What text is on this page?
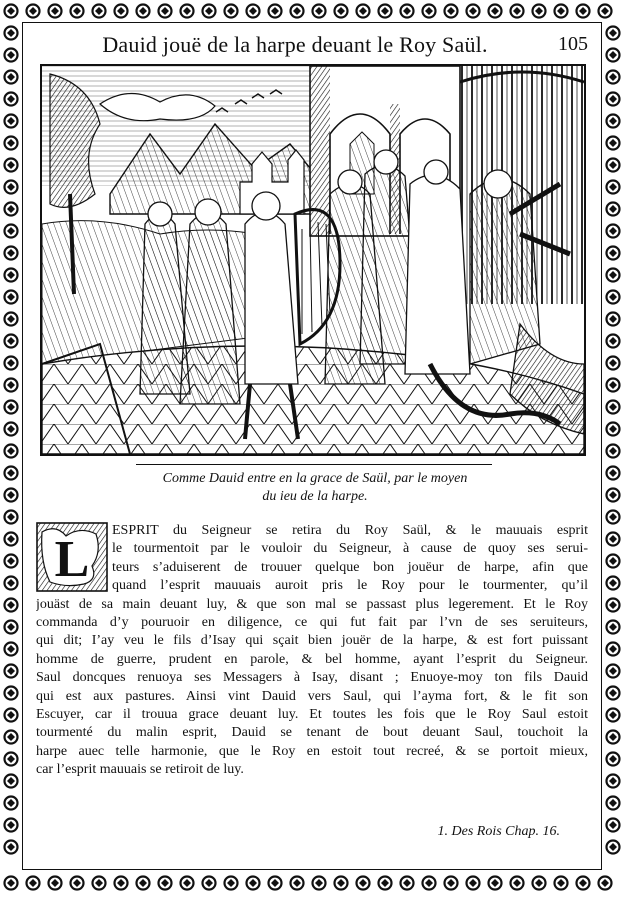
Dauid jouë de la harpe deuant le Roy Saül.	105
Comme Dauid entre en la grace de Saül, par le moyen
du ieu de la harpe.
L
ESPRIT du Seigneur se retira du Roy Saül, & le mauuais esprit
le tourmentoit par le vouloir du Seigneur, à cause de quoy ses serui-
teurs s’aduiserent de trouuer quelque bon jouëur de harpe, afin que
quand l’esprit mauuais auroit pris le Roy pour le tourmenter, qu’il
jouäst de sa main deuant luy, & que son mal se passast plus legerement. Et le Roy
commanda d’y pouruoir en diligence, ce qui fut fait par l’vn de ses seruiteurs,
qui dit; I’ay veu le fils d’Isay qui sçait bien jouër de la harpe, & est fort puissant
homme de guerre, prudent en parole, & bel homme, ayant l’esprit du Seigneur.
Saul doncques renuoya ses Messagers à Isay, disant ; Enuoye-moy ton fils Dauid
qui est aux pastures. Ainsi vint Dauid vers Saul, qui l’ayma fort, & le fit son
Escuyer, car il trouua grace deuant luy. Et toutes les fois que le Roy Saul estoit
tourmenté du malin esprit, Dauid se tenant de bout deuant Saul, touchoit la
harpe auec telle harmonie, que le Roy en estoit tout recreé, & se portoit mieux,
car l’esprit mauuais se retiroit de luy.
1. Des Rois Chap. 16.
